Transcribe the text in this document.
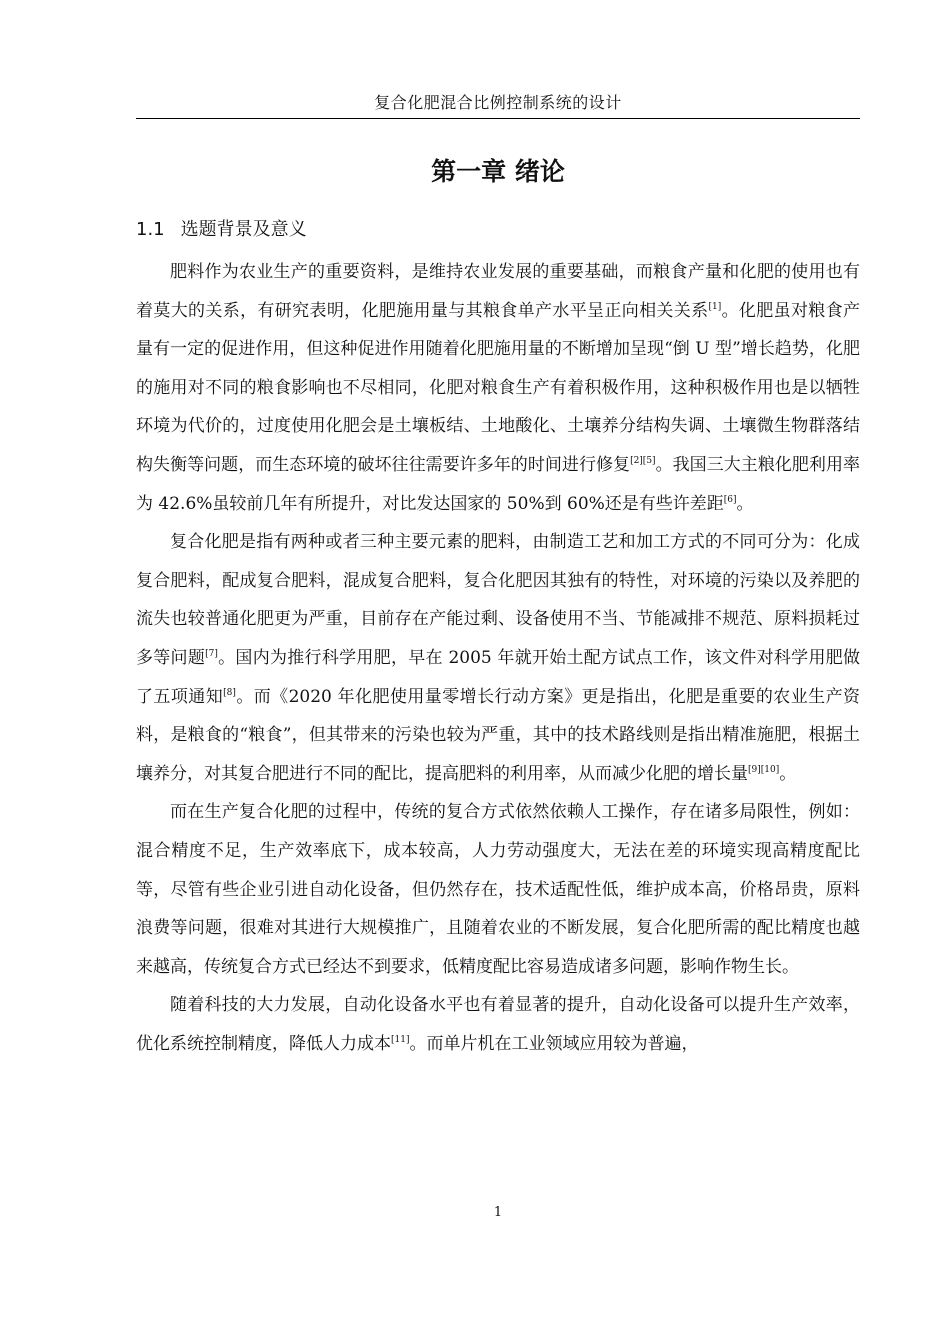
复合化肥混合比例控制系统的设计
第一章 绪论
1.1 选题背景及意义

肥料作为农业生产的重要资料，是维持农业发展的重要基础，而粮食产量和化肥的使用也有着莫大的关系，有研究表明，化肥施用量与其粮食单产水平呈正向相关关系[1]。化肥虽对粮食产量有一定的促进作用，但这种促进作用随着化肥施用量的不断增加呈现“倒 U 型”增长趋势，化肥的施用对不同的粮食影响也不尽相同，化肥对粮食生产有着积极作用，这种积极作用也是以牺牲环境为代价的，过度使用化肥会是土壤板结、土地酸化、土壤养分结构失调、土壤微生物群落结构失衡等问题，而生态环境的破坏往往需要许多年的时间进行修复[2][5]。我国三大主粮化肥利用率为 42.6%虽较前几年有所提升，对比发达国家的 50%到 60%还是有些许差距[6]。

复合化肥是指有两种或者三种主要元素的肥料，由制造工艺和加工方式的不同可分为：化成复合肥料，配成复合肥料，混成复合肥料，复合化肥因其独有的特性，对环境的污染以及养肥的流失也较普通化肥更为严重，目前存在产能过剩、设备使用不当、节能减排不规范、原料损耗过多等问题[7]。国内为推行科学用肥，早在 2005 年就开始土配方试点工作，该文件对科学用肥做了五项通知[8]。而《2020 年化肥使用量零增长行动方案》更是指出，化肥是重要的农业生产资料，是粮食的“粮食”，但其带来的污染也较为严重，其中的技术路线则是指出精准施肥，根据土壤养分，对其复合肥进行不同的配比，提高肥料的利用率，从而减少化肥的增长量[9][10]。

而在生产复合化肥的过程中，传统的复合方式依然依赖人工操作，存在诸多局限性，例如：混合精度不足，生产效率底下，成本较高，人力劳动强度大，无法在差的环境实现高精度配比等，尽管有些企业引进自动化设备，但仍然存在，技术适配性低，维护成本高，价格昂贵，原料浪费等问题，很难对其进行大规模推广，且随着农业的不断发展，复合化肥所需的配比精度也越来越高，传统复合方式已经达不到要求，低精度配比容易造成诸多问题，影响作物生长。

随着科技的大力发展，自动化设备水平也有着显著的提升，自动化设备可以提升生产效率，优化系统控制精度，降低人力成本[11]。而单片机在工业领域应用较为普遍，

1
